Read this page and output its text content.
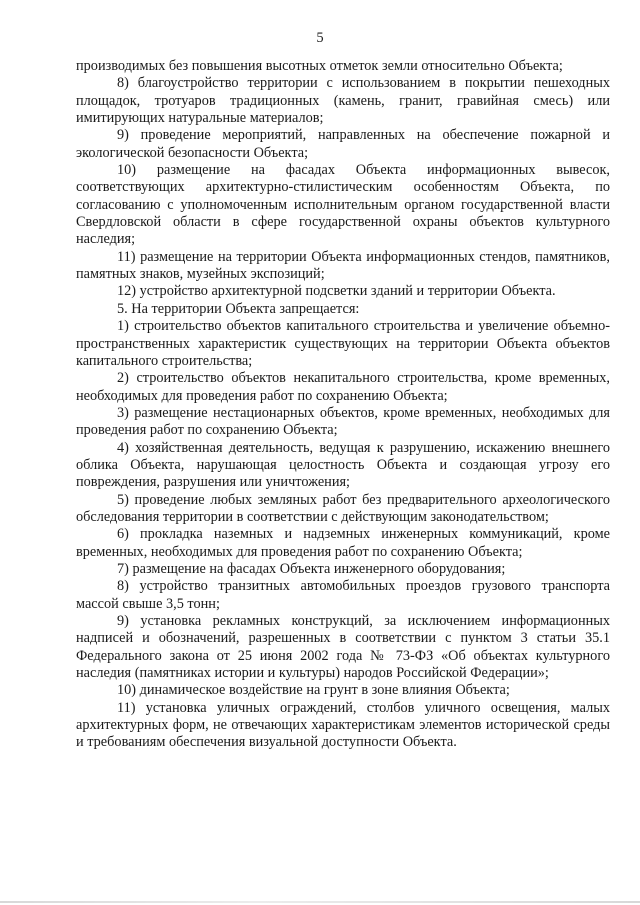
5

производимых без повышения высотных отметок земли относительно Объекта;

8) благоустройство территории с использованием в покрытии пешеходных площадок, тротуаров традиционных (камень, гранит, гравийная смесь) или имитирующих натуральные материалов;

9) проведение мероприятий, направленных на обеспечение пожарной и экологической безопасности Объекта;

10) размещение на фасадах Объекта информационных вывесок, соответствующих архитектурно-стилистическим особенностям Объекта, по согласованию с уполномоченным исполнительным органом государственной власти Свердловской области в сфере государственной охраны объектов культурного наследия;

11) размещение на территории Объекта информационных стендов, памятников, памятных знаков, музейных экспозиций;

12) устройство архитектурной подсветки зданий и территории Объекта.

5. На территории Объекта запрещается:

1) строительство объектов капитального строительства и увеличение объемно-пространственных характеристик существующих на территории Объекта объектов капитального строительства;

2) строительство объектов некапитального строительства, кроме временных, необходимых для проведения работ по сохранению Объекта;

3) размещение нестационарных объектов, кроме временных, необходимых для проведения работ по сохранению Объекта;

4) хозяйственная деятельность, ведущая к разрушению, искажению внешнего облика Объекта, нарушающая целостность Объекта и создающая угрозу его повреждения, разрушения или уничтожения;

5) проведение любых земляных работ без предварительного археологического обследования территории в соответствии с действующим законодательством;

6) прокладка наземных и надземных инженерных коммуникаций, кроме временных, необходимых для проведения работ по сохранению Объекта;

7) размещение на фасадах Объекта инженерного оборудования;

8) устройство транзитных автомобильных проездов грузового транспорта массой свыше 3,5 тонн;

9) установка рекламных конструкций, за исключением информационных надписей и обозначений, разрешенных в соответствии с пунктом 3 статьи 35.1 Федерального закона от 25 июня 2002 года № 73-ФЗ «Об объектах культурного наследия (памятниках истории и культуры) народов Российской Федерации»;

10) динамическое воздействие на грунт в зоне влияния Объекта;

11) установка уличных ограждений, столбов уличного освещения, малых архитектурных форм, не отвечающих характеристикам элементов исторической среды и требованиям обеспечения визуальной доступности Объекта.
